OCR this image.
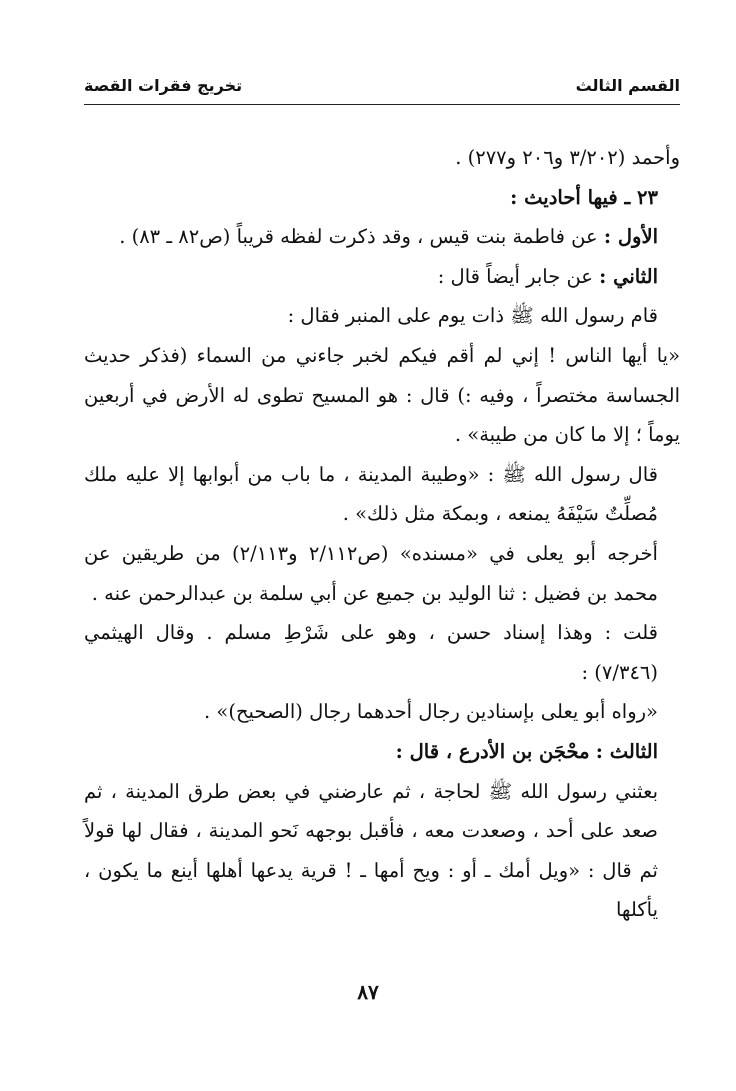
القسم الثالث
تخريج فقرات القصة

وأحمد (٣/٢٠٢ و٢٠٦ و٢٧٧) .

٢٣ ـ فيها أحاديث :

الأول : عن فاطمة بنت قيس ، وقد ذكرت لفظه قريباً (ص٨٢ ـ ٨٣) .

الثاني : عن جابر أيضاً قال :

قام رسول الله ﷺ ذات يوم على المنبر فقال :

«يا أيها الناس ! إني لم أقم فيكم لخبر جاءني من السماء (فذكر حديث الجساسة مختصراً ، وفيه :) قال : هو المسيح تطوى له الأرض في أربعين يوماً ؛ إلا ما كان من طيبة» .

قال رسول الله ﷺ : «وطيبة المدينة ، ما باب من أبوابها إلا عليه ملك مُصلِّتٌ سَيْفَهُ يمنعه ، وبمكة مثل ذلك» .

أخرجه أبو يعلى في «مسنده» (ص٢/١١٢ و٢/١١٣) من طريقين عن محمد بن فضيل : ثنا الوليد بن جميع عن أبي سلمة بن عبدالرحمن عنه .

قلت : وهذا إسناد حسن ، وهو على شَرْطِ مسلم . وقال الهيثمي (٧/٣٤٦) :

«رواه أبو يعلى بإسنادين رجال أحدهما رجال (الصحيح)» .

الثالث : محْجَن بن الأدرع ، قال :

بعثني رسول الله ﷺ لحاجة ، ثم عارضني في بعض طرق المدينة ، ثم صعد على أحد ، وصعدت معه ، فأقبل بوجهه نَحو المدينة ، فقال لها قولاً ثم قال : «ويل أمك ـ أو : ويح أمها ـ ! قرية يدعها أهلها أينع ما يكون ، يأكلها

٨٧
